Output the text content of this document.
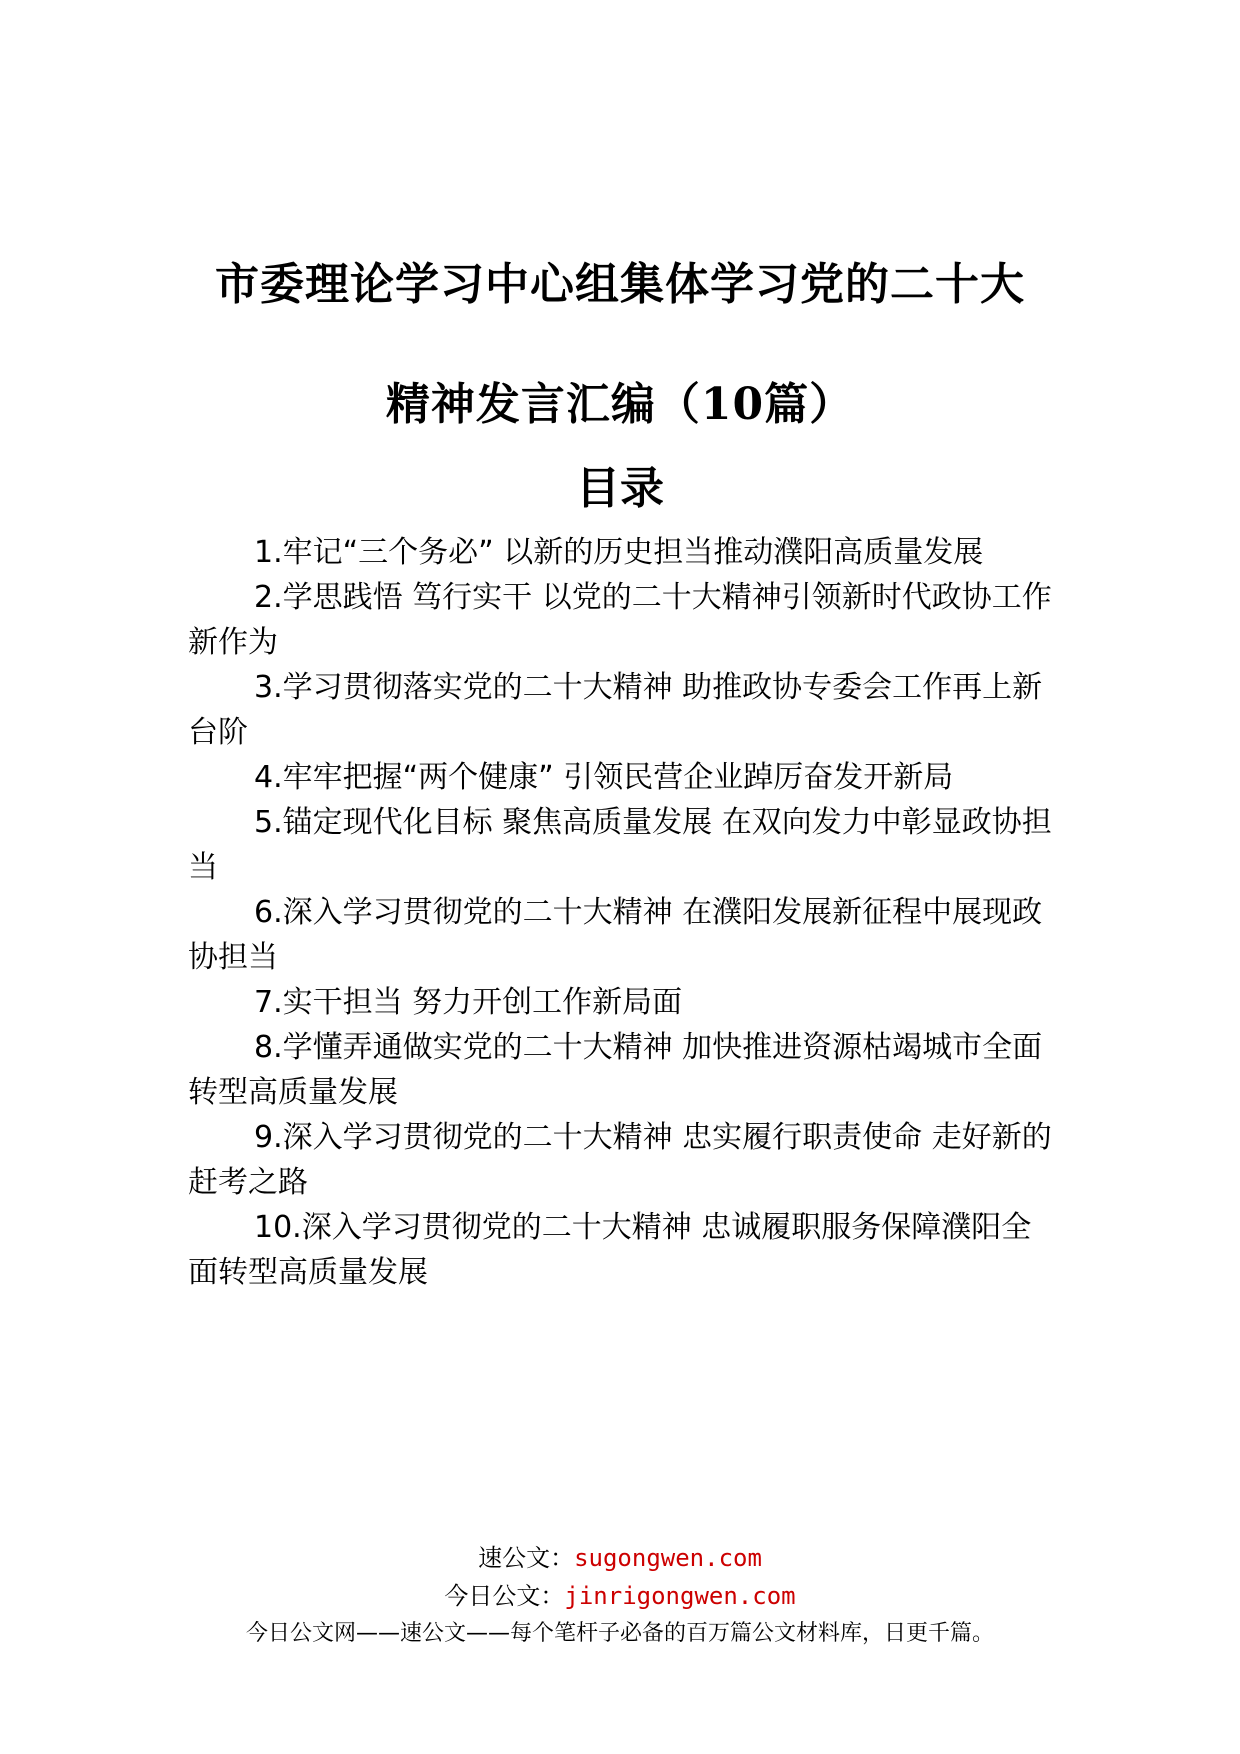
市委理论学习中心组集体学习党的二十大
精神发言汇编（10篇）
目录
1.牢记“三个务必” 以新的历史担当推动濮阳高质量发展
2.学思践悟 笃行实干 以党的二十大精神引领新时代政协工作新作为
3.学习贯彻落实党的二十大精神 助推政协专委会工作再上新台阶
4.牢牢把握“两个健康” 引领民营企业踔厉奋发开新局
5.锚定现代化目标 聚焦高质量发展 在双向发力中彰显政协担当
6.深入学习贯彻党的二十大精神 在濮阳发展新征程中展现政协担当
7.实干担当 努力开创工作新局面
8.学懂弄通做实党的二十大精神 加快推进资源枯竭城市全面转型高质量发展
9.深入学习贯彻党的二十大精神 忠实履行职责使命 走好新的赶考之路
10.深入学习贯彻党的二十大精神 忠诚履职服务保障濮阳全面转型高质量发展
速公文：sugongwen.com
今日公文：jinrigongwen.com
今日公文网——速公文——每个笔杆子必备的百万篇公文材料库，日更千篇。
